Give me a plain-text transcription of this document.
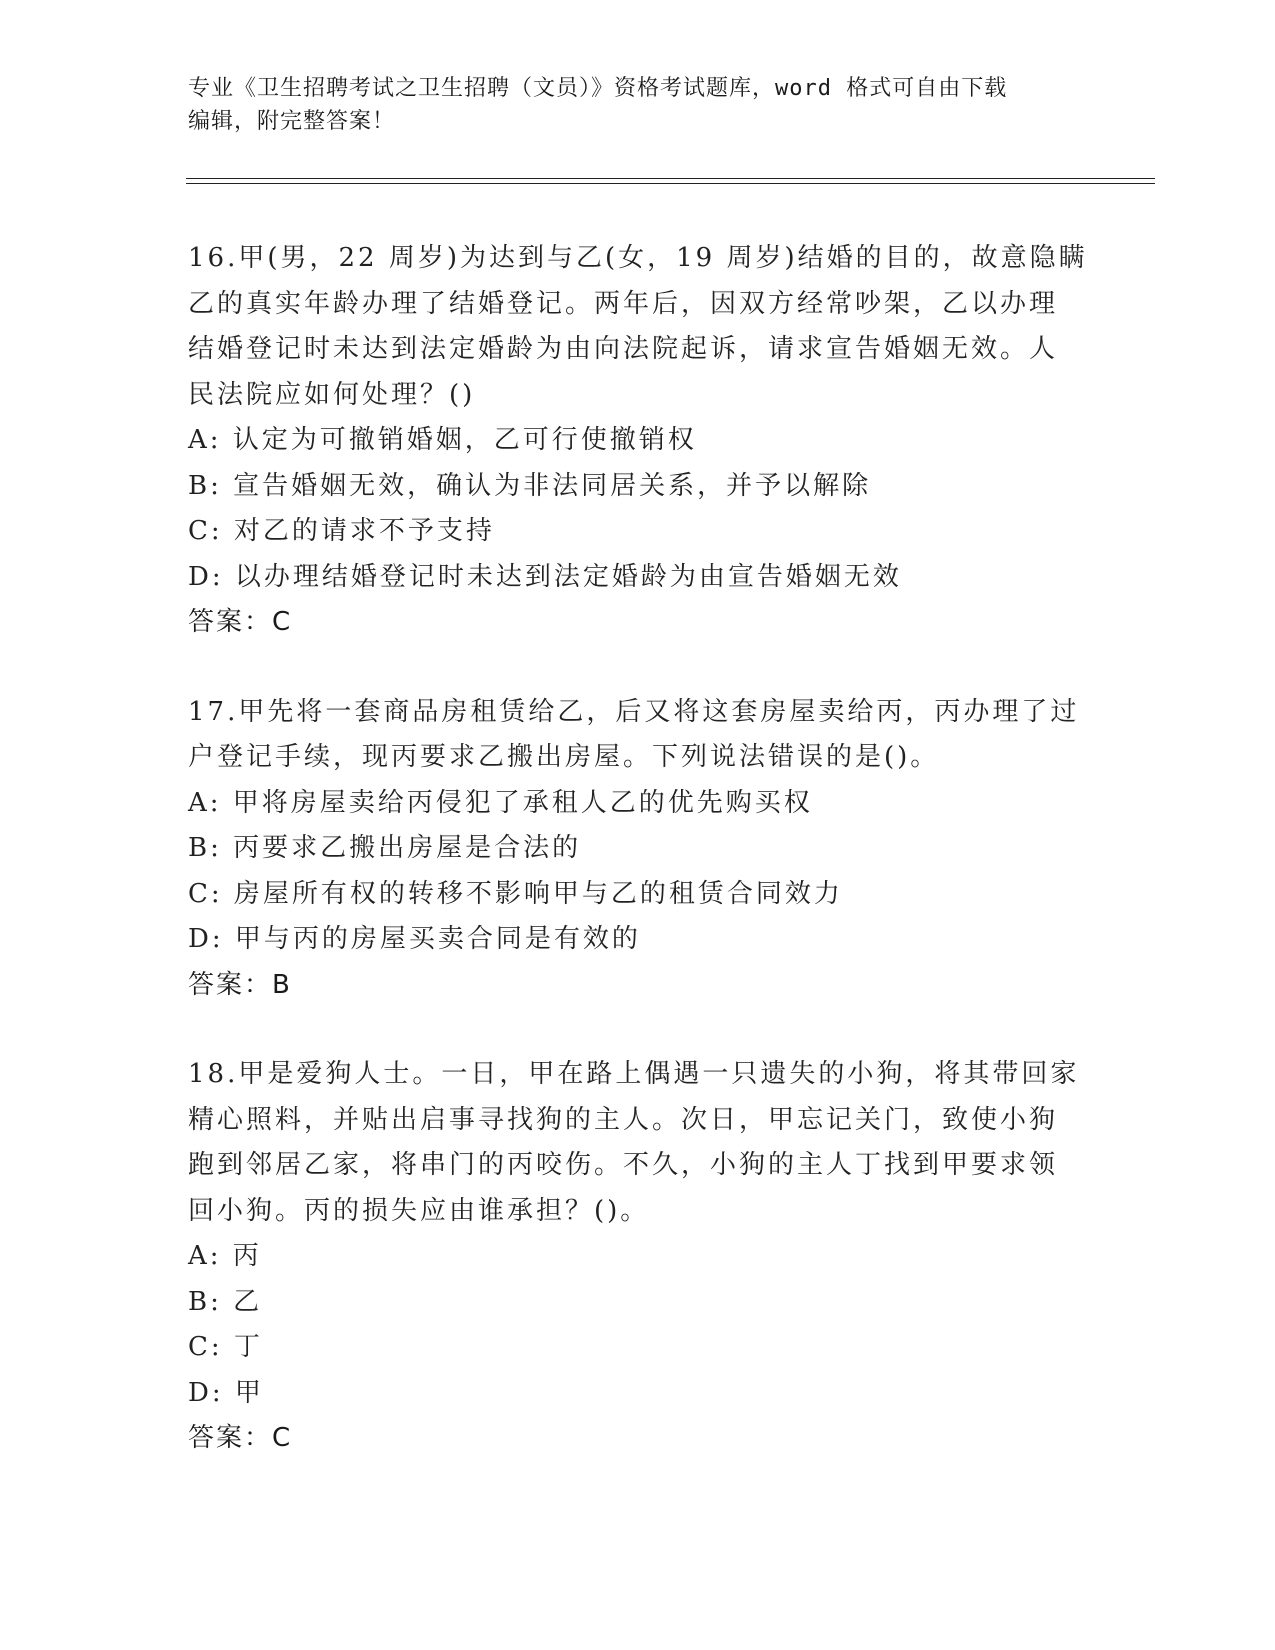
专业《卫生招聘考试之卫生招聘（文员）》资格考试题库，word 格式可自由下载
编辑，附完整答案！
16.甲(男，22 周岁)为达到与乙(女，19 周岁)结婚的目的，故意隐瞒
乙的真实年龄办理了结婚登记。两年后，因双方经常吵架，乙以办理
结婚登记时未达到法定婚龄为由向法院起诉，请求宣告婚姻无效。人
民法院应如何处理？()
A: 认定为可撤销婚姻，乙可行使撤销权
B: 宣告婚姻无效，确认为非法同居关系，并予以解除
C: 对乙的请求不予支持
D: 以办理结婚登记时未达到法定婚龄为由宣告婚姻无效
答案：C
17.甲先将一套商品房租赁给乙，后又将这套房屋卖给丙，丙办理了过
户登记手续，现丙要求乙搬出房屋。下列说法错误的是()。
A: 甲将房屋卖给丙侵犯了承租人乙的优先购买权
B: 丙要求乙搬出房屋是合法的
C: 房屋所有权的转移不影响甲与乙的租赁合同效力
D: 甲与丙的房屋买卖合同是有效的
答案：B
18.甲是爱狗人士。一日，甲在路上偶遇一只遗失的小狗，将其带回家
精心照料，并贴出启事寻找狗的主人。次日，甲忘记关门，致使小狗
跑到邻居乙家，将串门的丙咬伤。不久，小狗的主人丁找到甲要求领
回小狗。丙的损失应由谁承担？()。
A: 丙
B: 乙
C: 丁
D: 甲
答案：C
